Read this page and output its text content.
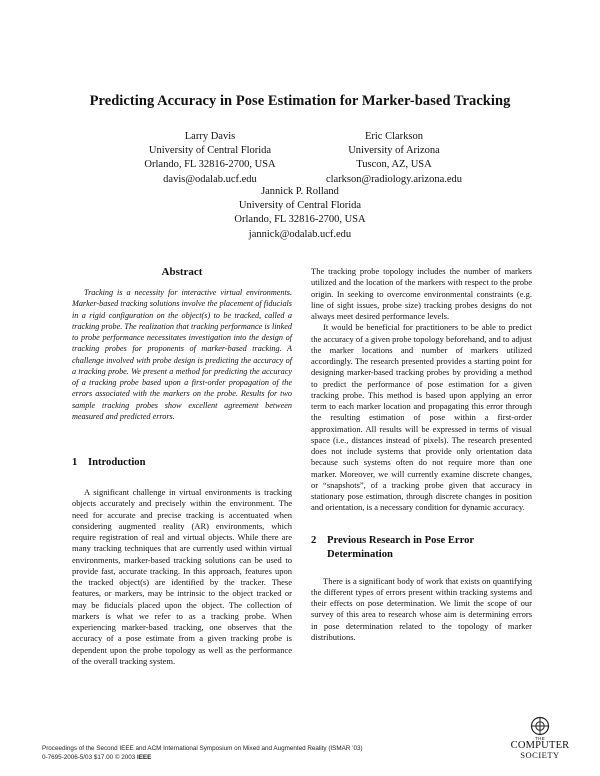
Predicting Accuracy in Pose Estimation for Marker-based Tracking
Larry Davis
University of Central Florida
Orlando, FL 32816-2700, USA
davis@odalab.ucf.edu
Eric Clarkson
University of Arizona
Tuscon, AZ, USA
clarkson@radiology.arizona.edu
Jannick P. Rolland
University of Central Florida
Orlando, FL 32816-2700, USA
jannick@odalab.ucf.edu
Abstract

Tracking is a necessity for interactive virtual environments. Marker-based tracking solutions involve the placement of fiducials in a rigid configuration on the object(s) to be tracked, called a tracking probe. The realization that tracking performance is linked to probe performance necessitates investigation into the design of tracking probes for proponents of marker-based tracking. A challenge involved with probe design is predicting the accuracy of a tracking probe. We present a method for predicting the accuracy of a tracking probe based upon a first-order propagation of the errors associated with the markers on the probe. Results for two sample tracking probes show excellent agreement between measured and predicted errors.

1	Introduction

A significant challenge in virtual environments is tracking objects accurately and precisely within the environment. The need for accurate and precise tracking is accentuated when considering augmented reality (AR) environments, which require registration of real and virtual objects. While there are many tracking techniques that are currently used within virtual environments, marker-based tracking solutions can be used to provide fast, accurate tracking. In this approach, features upon the tracked object(s) are identified by the tracker. These features, or markers, may be intrinsic to the object tracked or may be fiducials placed upon the object. The collection of markers is what we refer to as a tracking probe. When experiencing marker-based tracking, one observes that the accuracy of a pose estimate from a given tracking probe is dependent upon the probe topology as well as the performance of the overall tracking system.

The tracking probe topology includes the number of markers utilized and the location of the markers with respect to the probe origin. In seeking to overcome environmental constraints (e.g. line of sight issues, probe size) tracking probes designs do not always meet desired performance levels.

It would be beneficial for practitioners to be able to predict the accuracy of a given probe topology beforehand, and to adjust the marker locations and number of markers utilized accordingly. The research presented provides a starting point for designing marker-based tracking probes by providing a method to predict the performance of pose estimation for a given tracking probe. This method is based upon applying an error term to each marker location and propagating this error through the resulting estimation of pose within a first-order approximation. All results will be expressed in terms of visual space (i.e., distances instead of pixels). The research presented does not include systems that provide only orientation data because such systems often do not require more than one marker. Moreover, we will currently examine discrete changes, or “snapshots”, of a tracking probe given that accuracy in stationary pose estimation, through discrete changes in position and orientation, is a necessary condition for dynamic accuracy.

2	Previous Research in Pose Error Determination

There is a significant body of work that exists on quantifying the different types of errors present within tracking systems and their effects on pose determination. We limit the scope of our survey of this area to research whose aim is determining errors in pose determination related to the topology of marker distributions.

Proceedings of the Second IEEE and ACM International Symposium on Mixed and Augmented Reality (ISMAR ’03)
0-7695-2006-5/03 $17.00 © 2003 IEEE
THE
COMPUTER
SOCIETY
